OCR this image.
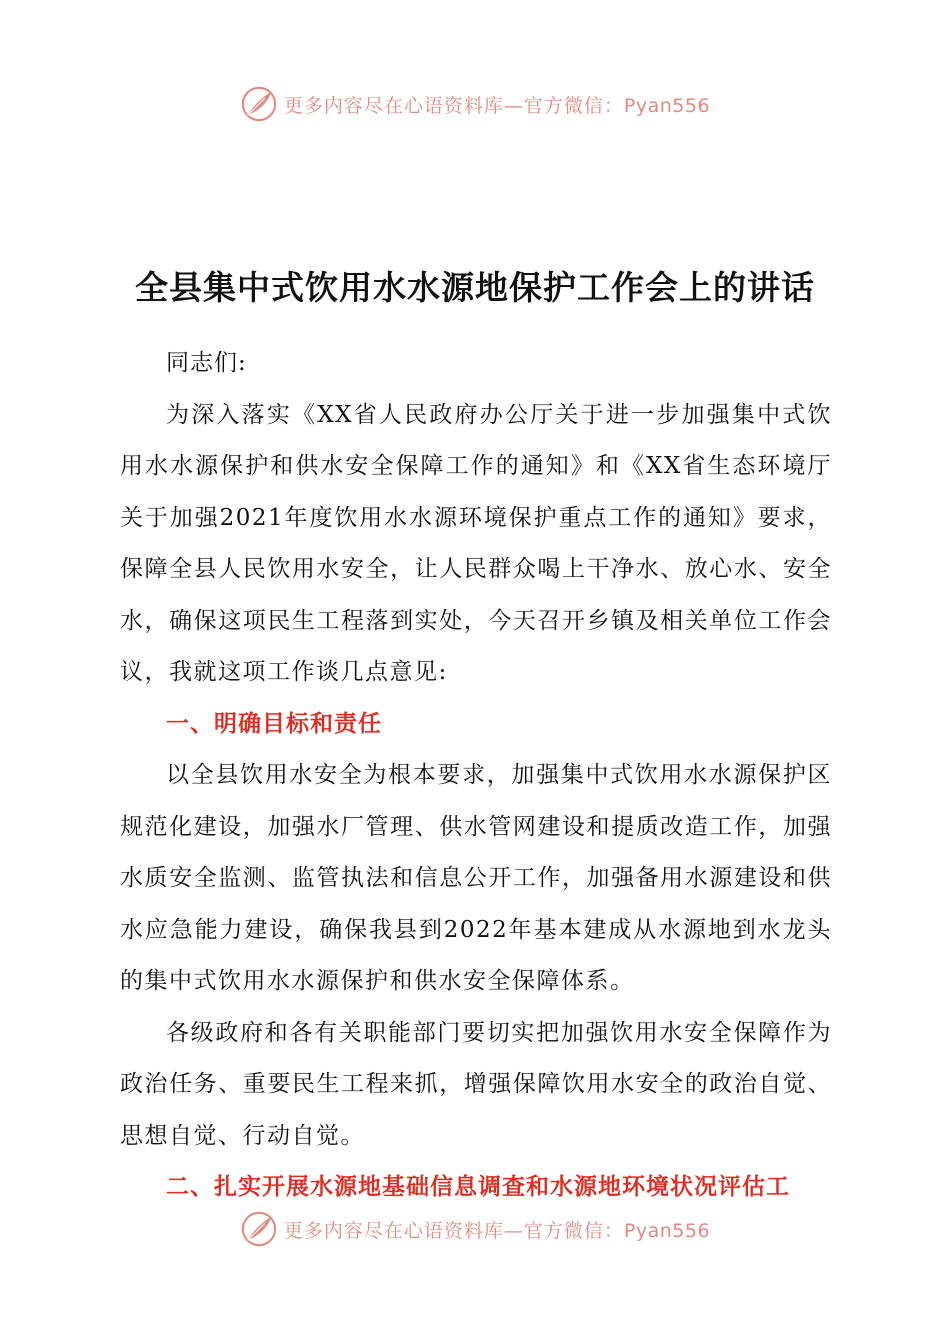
更多内容尽在心语资料库—官方微信：Pyan556
全县集中式饮用水水源地保护工作会上的讲话

同志们:

为深入落实《XX省人民政府办公厅关于进一步加强集中式饮用水水源保护和供水安全保障工作的通知》和《XX省生态环境厅关于加强2021年度饮用水水源环境保护重点工作的通知》要求，保障全县人民饮用水安全，让人民群众喝上干净水、放心水、安全水，确保这项民生工程落到实处，今天召开乡镇及相关单位工作会议，我就这项工作谈几点意见:

一、明确目标和责任

以全县饮用水安全为根本要求，加强集中式饮用水水源保护区规范化建设，加强水厂管理、供水管网建设和提质改造工作，加强水质安全监测、监管执法和信息公开工作，加强备用水源建设和供水应急能力建设，确保我县到2022年基本建成从水源地到水龙头的集中式饮用水水源保护和供水安全保障体系。

各级政府和各有关职能部门要切实把加强饮用水安全保障作为政治任务、重要民生工程来抓，增强保障饮用水安全的政治自觉、思想自觉、行动自觉。

二、扎实开展水源地基础信息调查和水源地环境状况评估工
更多内容尽在心语资料库—官方微信：Pyan556
